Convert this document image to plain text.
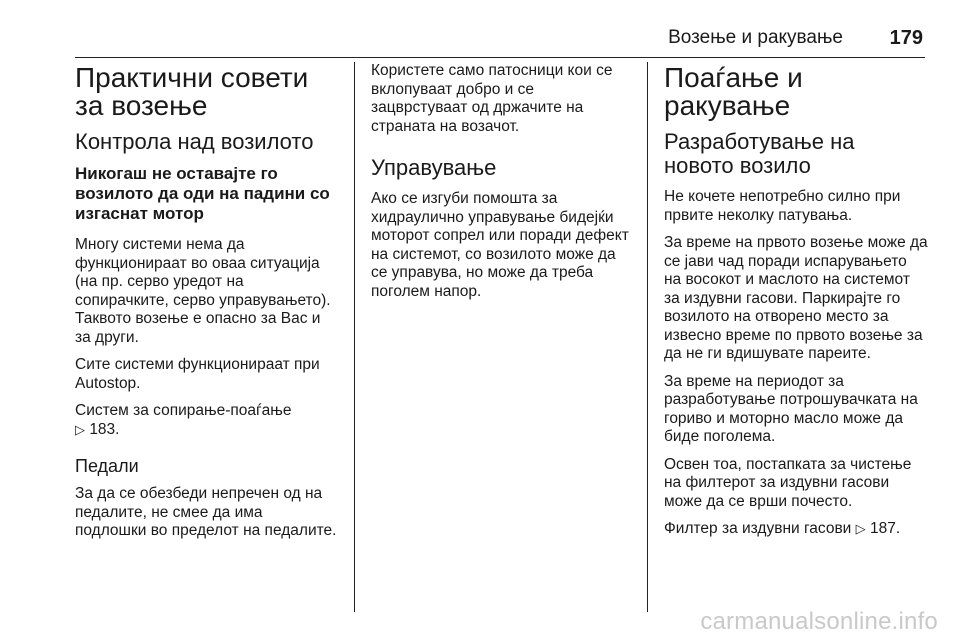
Возење и ракување 179
Практични совети за возење
Контрола над возилото
Никогаш не оставајте го возилото да оди на падини со изгаснат мотор

Многу системи нема да функционираат во оваа ситуација (на пр. серво уредот на сопирачките, серво управувањето). Таквото возење е опасно за Вас и за други.

Сите системи функционираат при Autostop.

Систем за сопирање-поаѓање
▷ 183.

Педали

За да се обезбеди непречен од на педалите, не смее да има подлошки во пределот на педалите.

Користете само патосници кои се вклопуваат добро и се зацврстуваат од држачите на страната на возачот.

Управување

Ако се изгуби помошта за хидраулично управување бидејќи моторот сопрел или поради дефект на системот, со возилото може да се управува, но може да треба поголем напор.

Поаѓање и ракување
Разработување на новото возило

Не кочете непотребно силно при првите неколку патувања.

За време на првото возење може да се јави чад поради испарувањето на восокот и маслото на системот за издувни гасови. Паркирајте го возилото на отворено место за извесно време по првото возење за да не ги вдишувате пареите.

За време на периодот за разработување потрошувачката на гориво и моторно масло може да биде поголема.

Освен тоа, постапката за чистење на филтерот за издувни гасови може да се врши почесто.

Филтер за издувни гасови ▷ 187.

carmanualsonline.info
